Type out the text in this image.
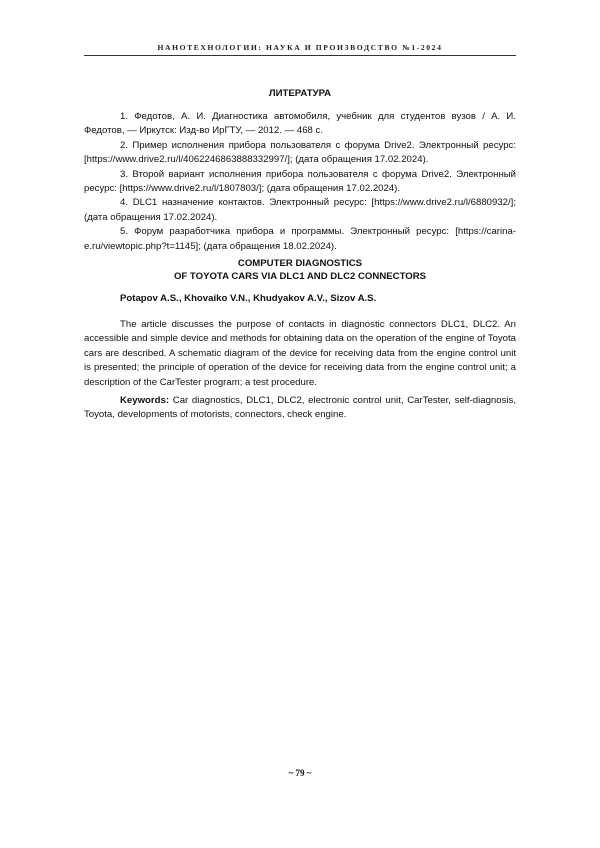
НАНОТЕХНОЛОГИИ: НАУКА И ПРОИЗВОДСТВО №1-2024
ЛИТЕРАТУРА
1. Федотов, А. И. Диагностика автомобиля, учебник для студентов вузов / А. И. Федотов, — Иркутск: Изд-во ИрГТУ, — 2012. — 468 с.
2. Пример исполнения прибора пользователя с форума Drive2. Электронный ресурс: [https://www.drive2.ru/l/4062246863888332997/]; (дата обращения 17.02.2024).
3. Второй вариант исполнения прибора пользователя с форума Drive2. Электронный ресурс: [https://www.drive2.ru/l/1807803/]; (дата обращения 17.02.2024).
4. DLC1 назначение контактов. Электронный ресурс: [https://www.drive2.ru/l/6880932/]; (дата обращения 17.02.2024).
5. Форум разработчика прибора и программы. Электронный ресурс: [https://carina-e.ru/viewtopic.php?t=1145]; (дата обращения 18.02.2024).
COMPUTER DIAGNOSTICS
OF TOYOTA CARS VIA DLC1 AND DLC2 CONNECTORS
Potapov A.S., Khovaiko V.N., Khudyakov A.V., Sizov A.S.

The article discusses the purpose of contacts in diagnostic connectors DLC1, DLC2. An accessible and simple device and methods for obtaining data on the operation of the engine of Toyota cars are described. A schematic diagram of the device for receiving data from the engine control unit is presented; the principle of operation of the device for receiving data from the engine control unit; a description of the CarTester program; a test procedure.

Keywords: Car diagnostics, DLC1, DLC2, electronic control unit, CarTester, self-diagnosis, Toyota, developments of motorists, connectors, check engine.

~ 79 ~
